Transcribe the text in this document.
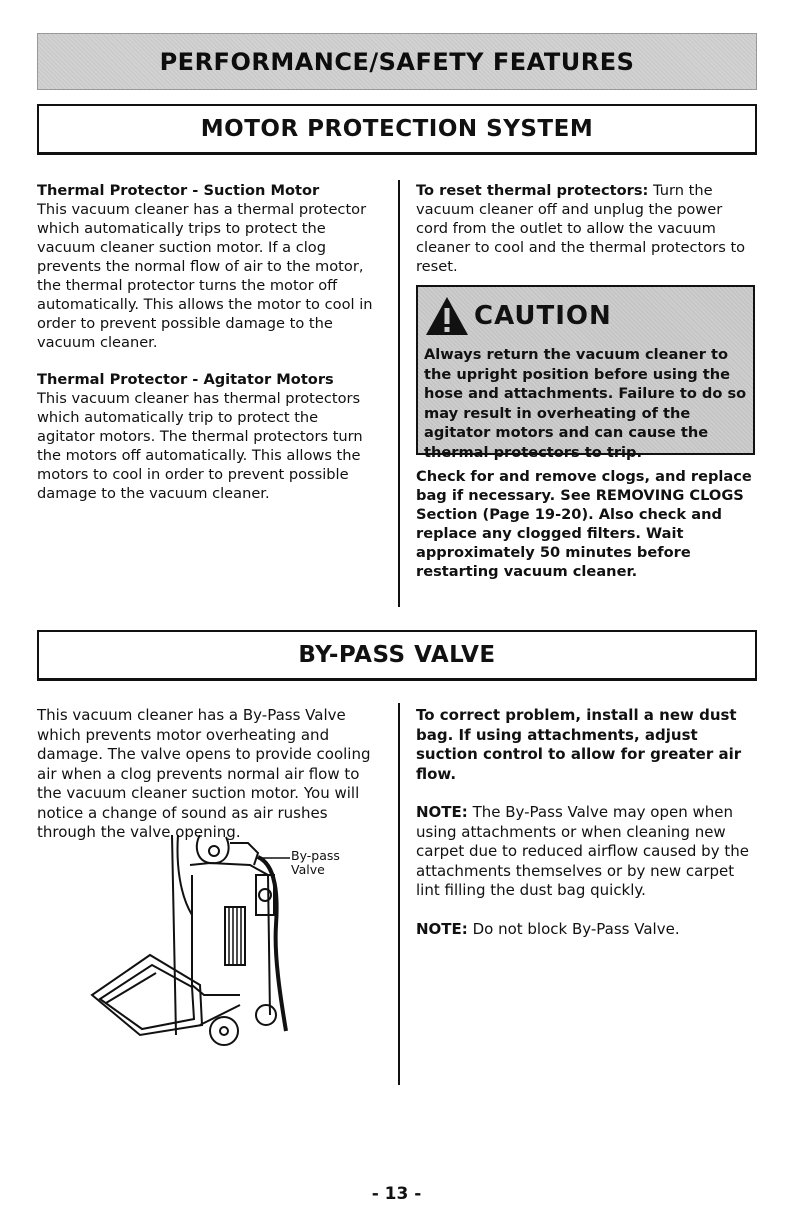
PERFORMANCE/SAFETY FEATURES
MOTOR PROTECTION SYSTEM

Thermal Protector - Suction Motor

This vacuum cleaner has a thermal protector which automatically trips to protect the vacuum cleaner suction motor. If a clog prevents the normal flow of air to the motor, the thermal protector turns the motor off automatically. This allows the motor to cool in order to prevent possible damage to the vacuum cleaner.

Thermal Protector - Agitator Motors

This vacuum cleaner has thermal protectors which automatically trip to protect the agitator motors. The thermal protectors turn the motors off automatically. This allows the motors to cool in order to prevent possible damage to the vacuum cleaner.

To reset thermal protectors: Turn the vacuum cleaner off and unplug the power cord from the outlet to allow the vacuum cleaner to cool and the thermal protectors to reset.

CAUTION
Always return the vacuum cleaner to the upright position before using the hose and attachments. Failure to do so may result in overheating of the agitator motors and can cause the thermal protectors to trip.

Check for and remove clogs, and replace bag if necessary. See REMOVING CLOGS Section (Page 19-20). Also check and replace any clogged filters. Wait approximately 50 minutes before restarting vacuum cleaner.

BY-PASS VALVE

This vacuum cleaner has a By-Pass Valve which prevents motor overheating and damage. The valve opens to provide cooling air when a clog prevents normal air flow to the vacuum cleaner suction motor. You will notice a change of sound as air rushes through the valve opening.

By-pass
Valve

To correct problem, install a new dust bag. If using attachments, adjust suction control to allow for greater air flow.

NOTE: The By-Pass Valve may open when using attachments or when cleaning new carpet due to reduced airflow caused by the attachments themselves or by new carpet lint filling the dust bag quickly.

NOTE: Do not block By-Pass Valve.

- 13 -
